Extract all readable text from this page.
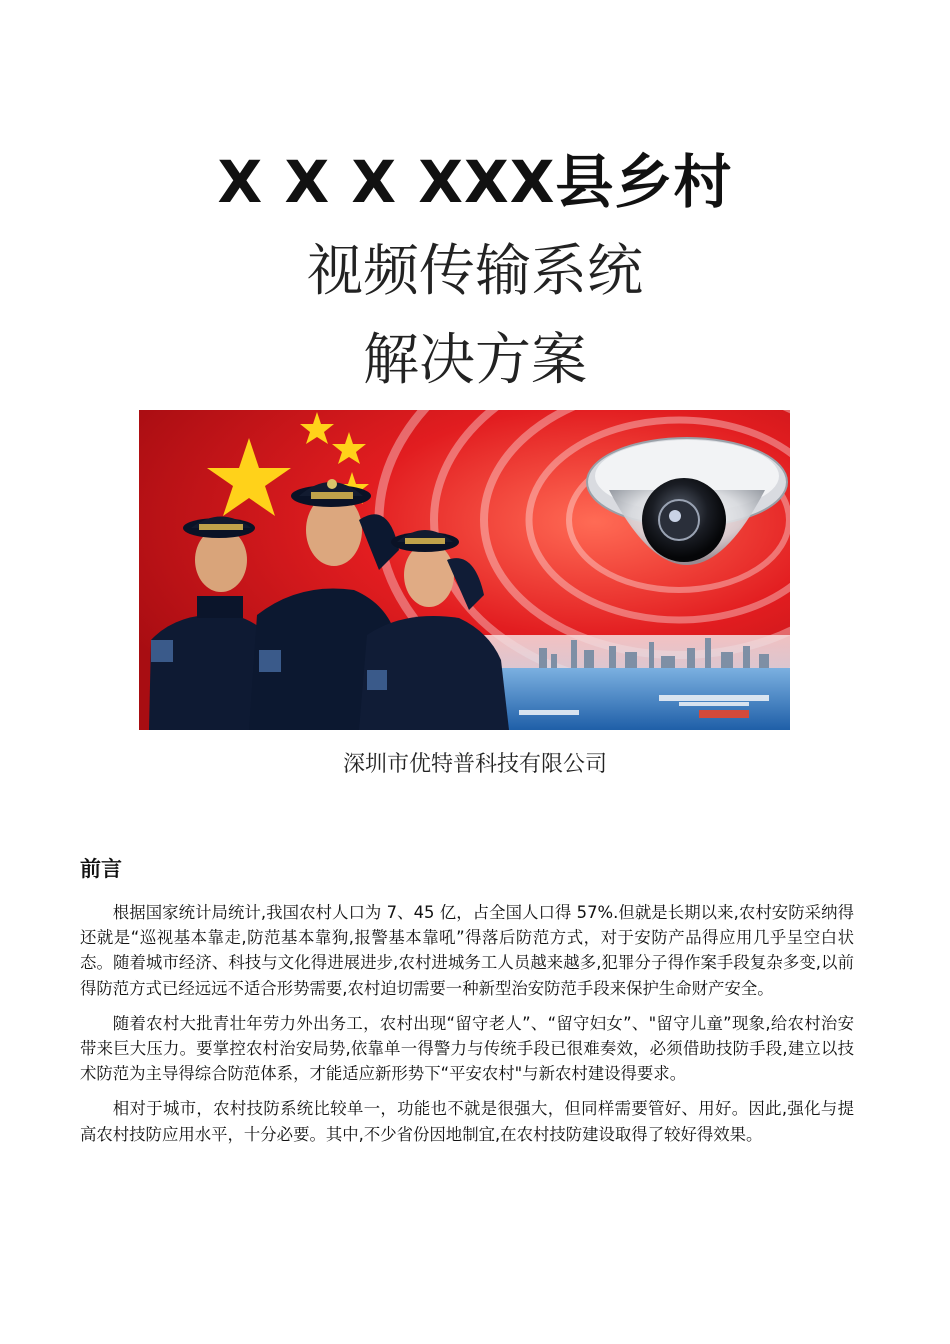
X X X XXX县乡村
视频传输系统
解决方案
深圳市优特普科技有限公司
前言

根据国家统计局统计,我国农村人口为 7、45 亿，占全国人口得 57%.但就是长期以来,农村安防采纳得还就是“巡视基本靠走,防范基本靠狗,报警基本靠吼”得落后防范方式，对于安防产品得应用几乎呈空白状态。随着城市经济、科技与文化得进展进步,农村进城务工人员越来越多,犯罪分子得作案手段复杂多变,以前得防范方式已经远远不适合形势需要,农村迫切需要一种新型治安防范手段来保护生命财产安全。

随着农村大批青壮年劳力外出务工，农村出现“留守老人”、“留守妇女”、"留守儿童”现象,给农村治安带来巨大压力。要掌控农村治安局势,依靠单一得警力与传统手段已很难奏效，必须借助技防手段,建立以技术防范为主导得综合防范体系，才能适应新形势下“平安农村"与新农村建设得要求。

相对于城市，农村技防系统比较单一，功能也不就是很强大，但同样需要管好、用好。因此,强化与提高农村技防应用水平，十分必要。其中,不少省份因地制宜,在农村技防建设取得了较好得效果。
